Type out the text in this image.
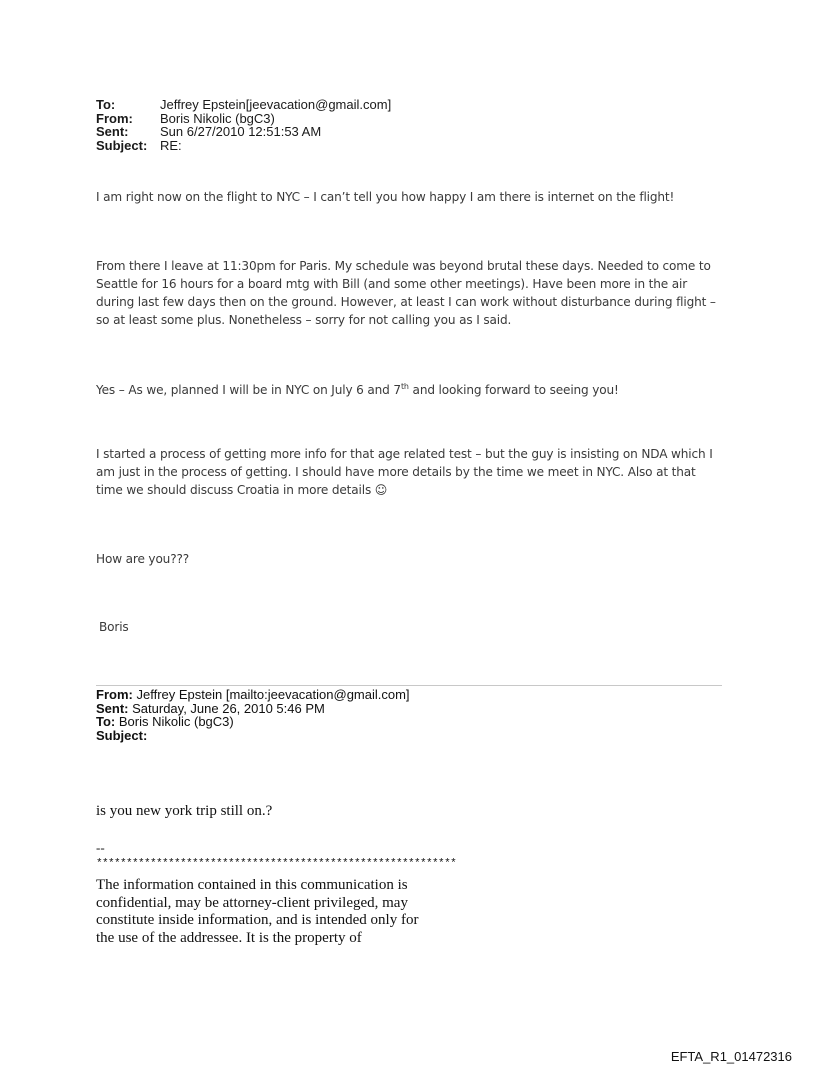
To:	Jeffrey Epstein[jeevacation@gmail.com]
From:	Boris Nikolic (bgC3)
Sent:	Sun 6/27/2010 12:51:53 AM
Subject: RE:
I am right now on the flight to NYC – I can’t tell you how happy I am there is internet on the flight!
From there I leave at 11:30pm for Paris. My schedule was beyond brutal these days. Needed to come to Seattle for 16 hours for a board mtg with Bill (and some other meetings). Have been more in the air during last few days then on the ground. However, at least I can work without disturbance during flight – so at least some plus. Nonetheless – sorry for not calling you as I said.
Yes – As we, planned I will be in NYC on July 6 and 7th and looking forward to seeing you!
I started a process of getting more info for that age related test – but the guy is insisting on NDA which I am just in the process of getting. I should have more details by the time we meet in NYC. Also at that time we should discuss Croatia in more details ☺
How are you???
Boris
From: Jeffrey Epstein [mailto:jeevacation@gmail.com]
Sent: Saturday, June 26, 2010 5:46 PM
To: Boris Nikolic (bgC3)
Subject:
is you new york trip still on.?
--
************************************************************
The information contained in this communication is
confidential, may be attorney-client privileged, may
constitute inside information, and is intended only for
the use of the addressee. It is the property of
EFTA_R1_01472316
